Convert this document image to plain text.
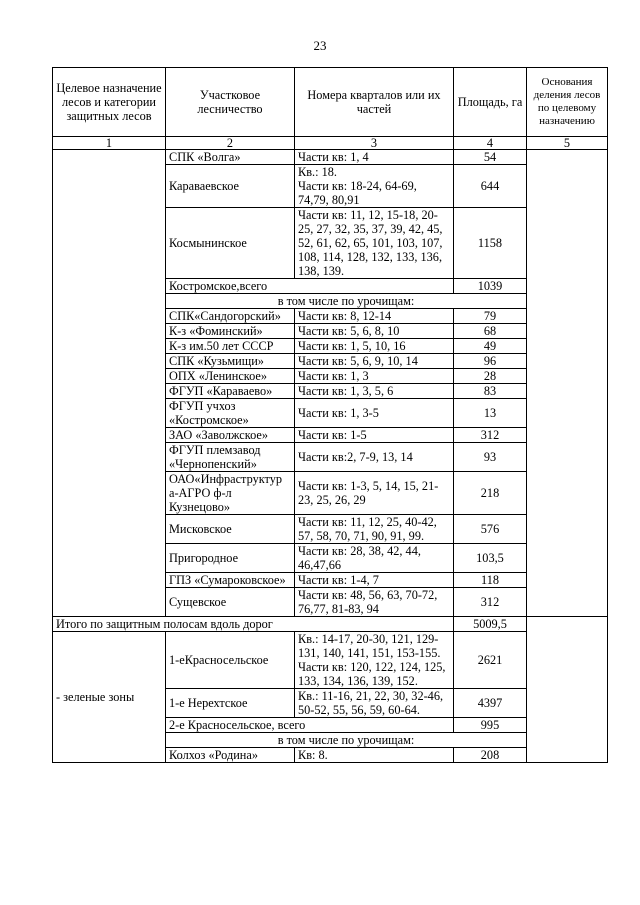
23
Целевое назначение лесов и категории защитных лесов	Участковое лесничество	Номера кварталов или их частей	Площадь, га	Основания деления лесов по целевому назначению
1	2	3	4	5
	СПК «Волга»	Части кв: 1, 4	54	
	Караваевское	Кв.: 18.
Части кв: 18-24, 64-69, 74,79, 80,91	644	
	Космынинское	Части кв: 11, 12, 15-18, 20-25, 27, 32, 35, 37, 39, 42, 45, 52, 61, 62, 65, 101, 103, 107, 108, 114, 128, 132, 133, 136, 138, 139.	1158	
	Костромское,всего		1039	
	в том числе по урочищам:			
	СПК«Сандогорский»	Части кв: 8, 12-14	79	
	К-з «Фоминский»	Части кв: 5, 6, 8, 10	68	
	К-з им.50 лет СССР	Части кв: 1, 5, 10, 16	49	
	СПК «Кузьмищи»	Части кв: 5, 6, 9, 10, 14	96	
	ОПХ «Ленинское»	Части кв: 1, 3	28	
	ФГУП «Караваево»	Части кв: 1, 3, 5, 6	83	
	ФГУП учхоз «Костромское»	Части кв: 1, 3-5	13	
	ЗАО «Заволжское»	Части кв: 1-5	312	
	ФГУП племзавод «Чернопенский»	Части кв:2, 7-9, 13, 14	93	
	ОАО«Инфраструктур а-АГРО ф-л Кузнецово»	Части кв: 1-3, 5, 14, 15, 21-23, 25, 26, 29	218	
	Мисковское	Части кв: 11, 12, 25, 40-42, 57, 58, 70, 71, 90, 91, 99.	576	
	Пригородное	Части кв: 28, 38, 42, 44, 46,47,66	103,5	
	ГПЗ «Сумароковское»	Части кв: 1-4, 7	118	
	Сущевское	Части кв: 48, 56, 63, 70-72, 76,77, 81-83, 94	312	
Итого по защитным полосам вдоль дорог			5009,5	
- зеленые зоны	1-еКрасносельское	Кв.: 14-17, 20-30, 121, 129-131, 140, 141, 151, 153-155.
Части кв: 120, 122, 124, 125, 133, 134, 136, 139, 152.	2621	
	1-е Нерехтское	Кв.: 11-16, 21, 22, 30, 32-46, 50-52, 55, 56, 59, 60-64.	4397	
	2-е Красносельское, всего		995	
	в том числе по урочищам:			
	Колхоз «Родина»	Кв: 8.	208	
